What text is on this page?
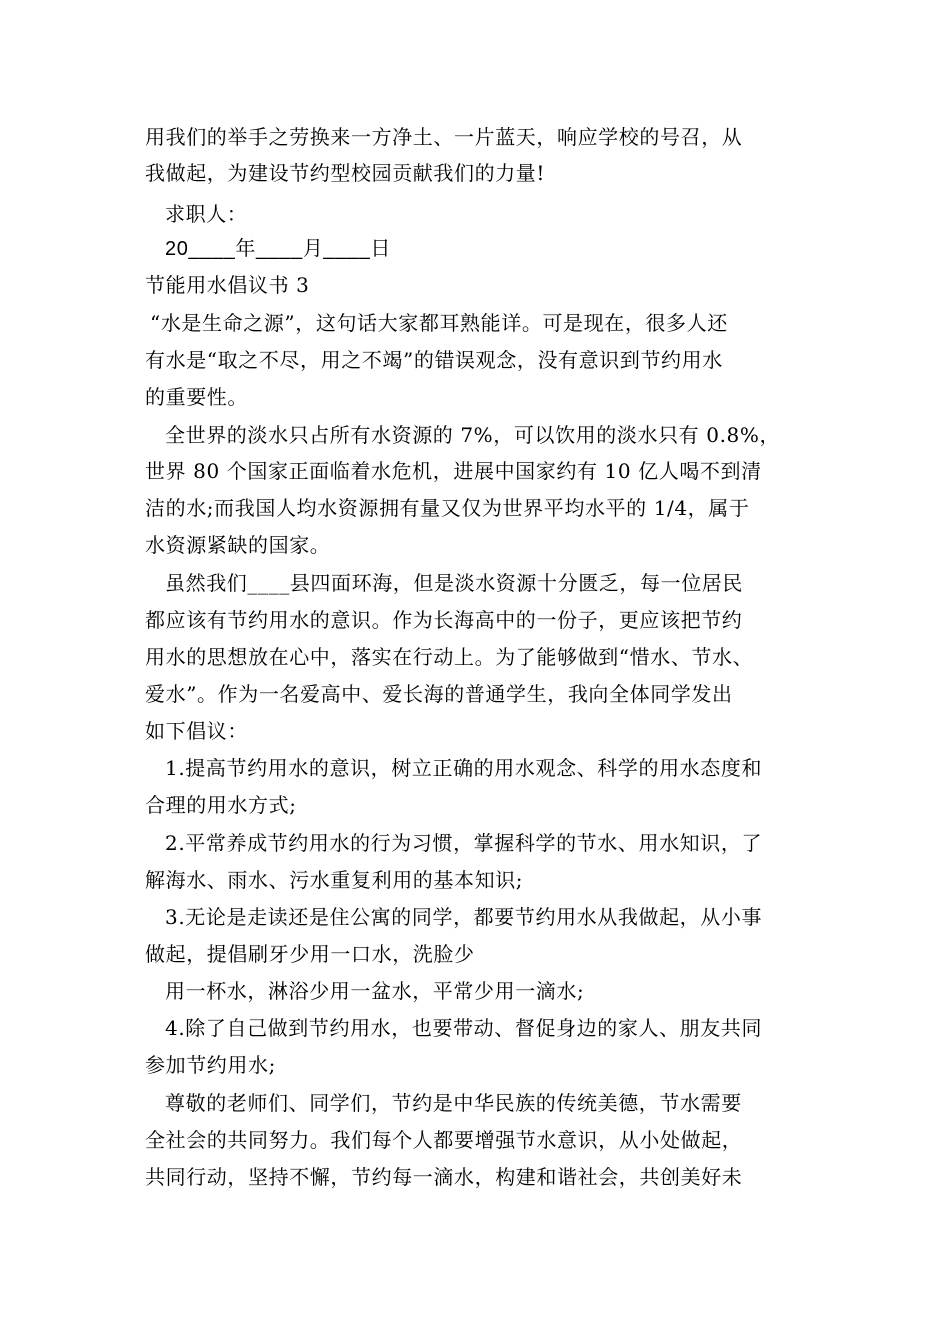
用我们的举手之劳换来一方净土、一片蓝天，响应学校的号召，从
我做起，为建设节约型校园贡献我们的力量!
求职人：
20____年____月____日
节能用水倡议书 3
“水是生命之源”，这句话大家都耳熟能详。可是现在，很多人还
有水是“取之不尽，用之不竭”的错误观念，没有意识到节约用水
的重要性。
全世界的淡水只占所有水资源的 7%，可以饮用的淡水只有 0.8%，
世界 80 个国家正面临着水危机，进展中国家约有 10 亿人喝不到清
洁的水;而我国人均水资源拥有量又仅为世界平均水平的 1/4，属于
水资源紧缺的国家。
虽然我们____县四面环海，但是淡水资源十分匮乏，每一位居民
都应该有节约用水的意识。作为长海高中的一份子，更应该把节约
用水的思想放在心中，落实在行动上。为了能够做到“惜水、节水、
爱水”。作为一名爱高中、爱长海的普通学生，我向全体同学发出
如下倡议：
1.提高节约用水的意识，树立正确的用水观念、科学的用水态度和
合理的用水方式;
2.平常养成节约用水的行为习惯，掌握科学的节水、用水知识，了
解海水、雨水、污水重复利用的基本知识;
3.无论是走读还是住公寓的同学，都要节约用水从我做起，从小事
做起，提倡刷牙少用一口水，洗脸少
用一杯水，淋浴少用一盆水，平常少用一滴水;
4.除了自己做到节约用水，也要带动、督促身边的家人、朋友共同
参加节约用水;
尊敬的老师们、同学们，节约是中华民族的传统美德，节水需要
全社会的共同努力。我们每个人都要增强节水意识，从小处做起，
共同行动，坚持不懈，节约每一滴水，构建和谐社会，共创美好未
